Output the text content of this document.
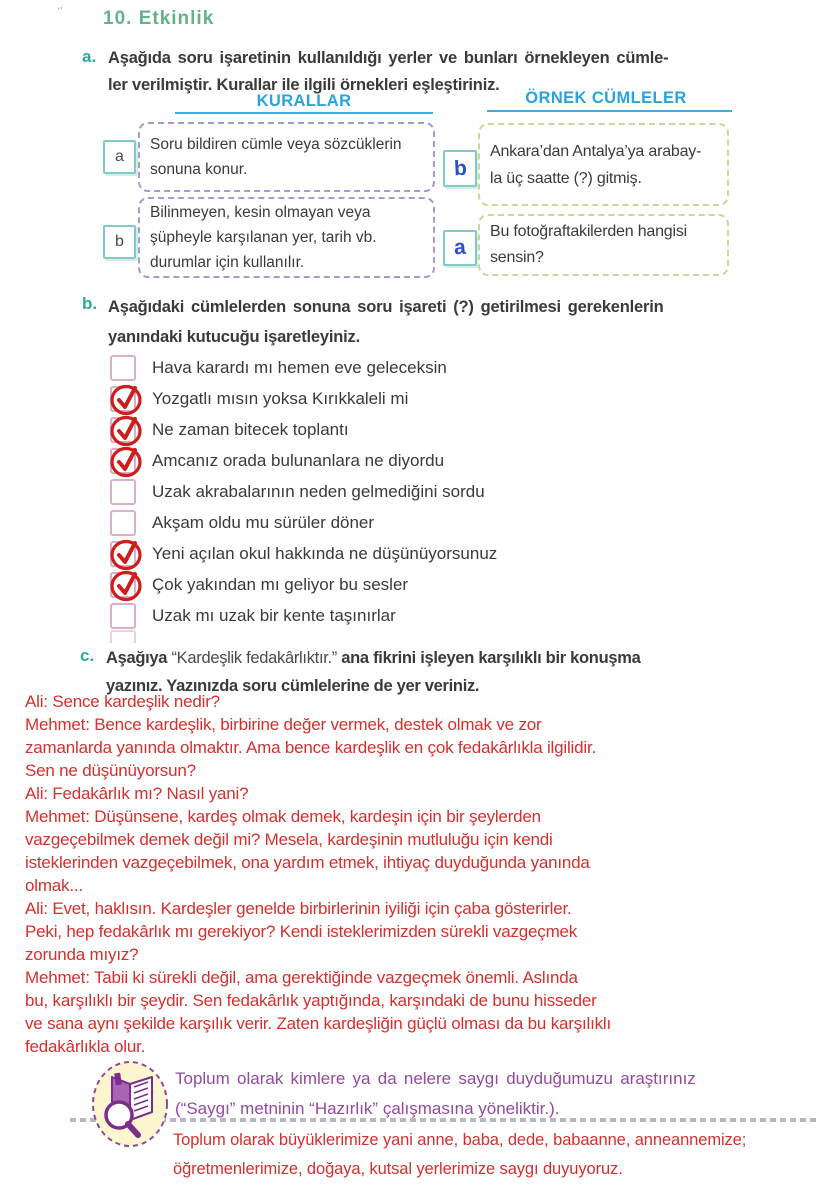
’’ 10. Etkinlik
a. Aşağıda soru işaretinin kullanıldığı yerler ve bunları örnekleyen cümle-
ler verilmiştir. Kurallar ile ilgili örnekleri eşleştiriniz.
KURALLAR	ÖRNEK CÜMLELER
a
Soru bildiren cümle veya sözcüklerin
sonuna konur.
b
Bilinmeyen, kesin olmayan veya
şüpheyle karşılanan yer, tarih vb.
durumlar için kullanılır.
b
Ankara’dan Antalya’ya arabay-
la üç saatte (?) gitmiş.
a
Bu fotoğraftakilerden hangisi
sensin?
b. Aşağıdaki cümlelerden sonuna soru işareti (?) getirilmesi gerekenlerin
yanındaki kutucuğu işaretleyiniz.
Hava karardı mı hemen eve geleceksin
Yozgatlı mısın yoksa Kırıkkaleli mi
Ne zaman bitecek toplantı
Amcanız orada bulunanlara ne diyordu
Uzak akrabalarının neden gelmediğini sordu
Akşam oldu mu sürüler döner
Yeni açılan okul hakkında ne düşünüyorsunuz
Çok yakından mı geliyor bu sesler
Uzak mı uzak bir kente taşınırlar
c. Aşağıya “Kardeşlik fedakârlıktır.” ana fikrini işleyen karşılıklı bir konuşma
yazınız. Yazınızda soru cümlelerine de yer veriniz.
Ali: Sence kardeşlik nedir?
Mehmet: Bence kardeşlik, birbirine değer vermek, destek olmak ve zor
zamanlarda yanında olmaktır. Ama bence kardeşlik en çok fedakârlıkla ilgilidir.
Sen ne düşünüyorsun?
Ali: Fedakârlık mı? Nasıl yani?
Mehmet: Düşünsene, kardeş olmak demek, kardeşin için bir şeylerden
vazgeçebilmek demek değil mi? Mesela, kardeşinin mutluluğu için kendi
isteklerinden vazgeçebilmek, ona yardım etmek, ihtiyaç duyduğunda yanında
olmak...
Ali: Evet, haklısın. Kardeşler genelde birbirlerinin iyiliği için çaba gösterirler.
Peki, hep fedakârlık mı gerekiyor? Kendi isteklerimizden sürekli vazgeçmek
zorunda mıyız?
Mehmet: Tabii ki sürekli değil, ama gerektiğinde vazgeçmek önemli. Aslında
bu, karşılıklı bir şeydir. Sen fedakârlık yaptığında, karşındaki de bunu hisseder
ve sana aynı şekilde karşılık verir. Zaten kardeşliğin güçlü olması da bu karşılıklı
fedakârlıkla olur.
Toplum olarak kimlere ya da nelere saygı duyduğumuzu araştırınız
(“Saygı” metninin “Hazırlık” çalışmasına yöneliktir.).
Toplum olarak büyüklerimize yani anne, baba, dede, babaanne, anneannemize;
öğretmenlerimize, doğaya, kutsal yerlerimize saygı duyuyoruz.
